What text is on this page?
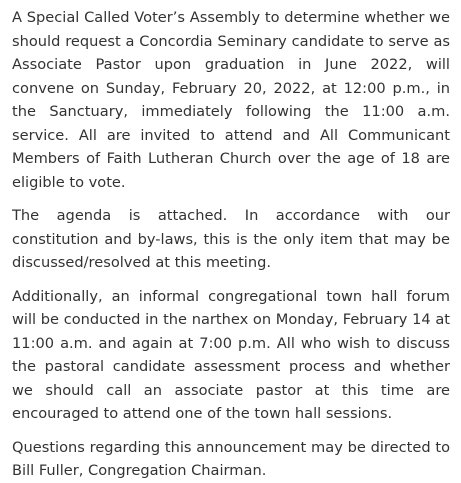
A Special Called Voter’s Assembly to determine whether we should request a Concordia Seminary candidate to serve as Associate Pastor upon graduation in June 2022, will convene on Sunday, February 20, 2022, at 12:00 p.m., in the Sanctuary, immediately following the 11:00 a.m. service. All are invited to attend and All Communicant Members of Faith Lutheran Church over the age of 18 are eligible to vote.

The agenda is attached. In accordance with our constitution and by-laws, this is the only item that may be discussed/resolved at this meeting.

Additionally, an informal congregational town hall forum will be conducted in the narthex on Monday, February 14 at 11:00 a.m. and again at 7:00 p.m. All who wish to discuss the pastoral candidate assessment process and whether we should call an associate pastor at this time are encouraged to attend one of the town hall sessions.

Questions regarding this announcement may be directed to Bill Fuller, Congregation Chairman.
